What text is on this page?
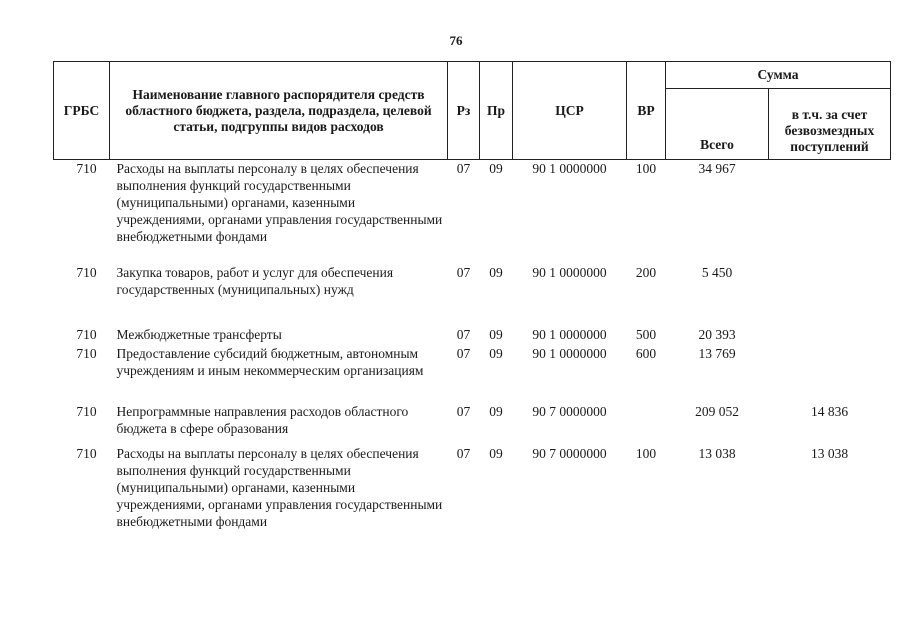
76
ГРБС	Наименование главного распорядителя средств областного бюджета, раздела, подраздела, целевой статьи, подгруппы видов расходов	Рз	Пр	ЦСР	ВР	Сумма	
						Всего	в т.ч. за счет безвозмездных поступлений
710	Расходы на выплаты персоналу в целях обеспечения выполнения функций государственными (муниципальными) органами, казенными учреждениями, органами управления государственными внебюджетными фондами	07	09	90 1 0000000	100	34 967	
710	Закупка товаров, работ и услуг для обеспечения государственных (муниципальных) нужд	07	09	90 1 0000000	200	5 450	
710	Межбюджетные трансферты	07	09	90 1 0000000	500	20 393	
710	Предоставление субсидий бюджетным, автономным учреждениям и иным некоммерческим организациям	07	09	90 1 0000000	600	13 769	
710	Непрограммные направления расходов областного бюджета в сфере образования	07	09	90 7 0000000		209 052	14 836
710	Расходы на выплаты персоналу в целях обеспечения выполнения функций государственными (муниципальными) органами, казенными учреждениями, органами управления государственными внебюджетными фондами	07	09	90 7 0000000	100	13 038	13 038
